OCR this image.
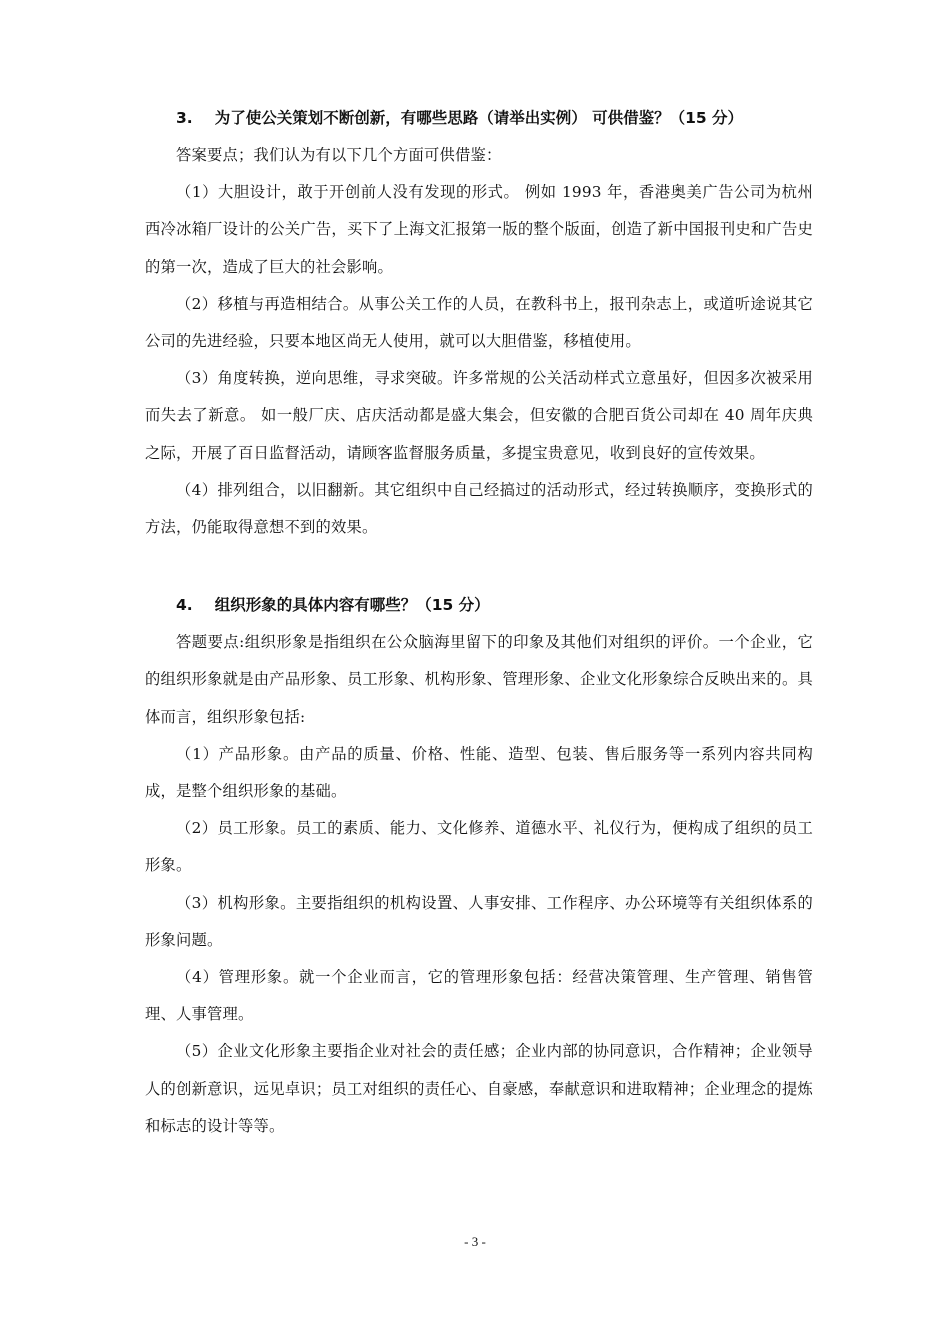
3. 为了使公关策划不断创新，有哪些思路（请举出实例） 可供借鉴？（15 分）

答案要点；我们认为有以下几个方面可供借鉴：

（1）大胆设计，敢于开创前人没有发现的形式。 例如 1993 年，香港奥美广告公司为杭州西冷冰箱厂设计的公关广告，买下了上海文汇报第一版的整个版面，创造了新中国报刊史和广告史的第一次，造成了巨大的社会影响。

（2）移植与再造相结合。从事公关工作的人员，在教科书上，报刊杂志上，或道听途说其它公司的先进经验，只要本地区尚无人使用，就可以大胆借鉴，移植使用。

（3）角度转换，逆向思维，寻求突破。许多常规的公关活动样式立意虽好，但因多次被采用而失去了新意。 如一般厂庆、店庆活动都是盛大集会，但安徽的合肥百货公司却在 40 周年庆典之际，开展了百日监督活动，请顾客监督服务质量，多提宝贵意见，收到良好的宣传效果。

（4）排列组合，以旧翻新。其它组织中自己经搞过的活动形式，经过转换顺序，变换形式的方法，仍能取得意想不到的效果。

4. 组织形象的具体内容有哪些？（15 分）

答题要点:组织形象是指组织在公众脑海里留下的印象及其他们对组织的评价。一个企业，它的组织形象就是由产品形象、员工形象、机构形象、管理形象、企业文化形象综合反映出来的。具体而言，组织形象包括:

（1）产品形象。由产品的质量、价格、性能、造型、包装、售后服务等一系列内容共同构成，是整个组织形象的基础。

（2）员工形象。员工的素质、能力、文化修养、道德水平、礼仪行为，便构成了组织的员工形象。

（3）机构形象。主要指组织的机构设置、人事安排、工作程序、办公环境等有关组织体系的形象问题。

（4）管理形象。就一个企业而言，它的管理形象包括：经营决策管理、生产管理、销售管理、人事管理。

（5）企业文化形象主要指企业对社会的责任感；企业内部的协同意识，合作精神；企业领导人的创新意识，远见卓识；员工对组织的责任心、自豪感，奉献意识和进取精神；企业理念的提炼和标志的设计等等。

- 3 -
